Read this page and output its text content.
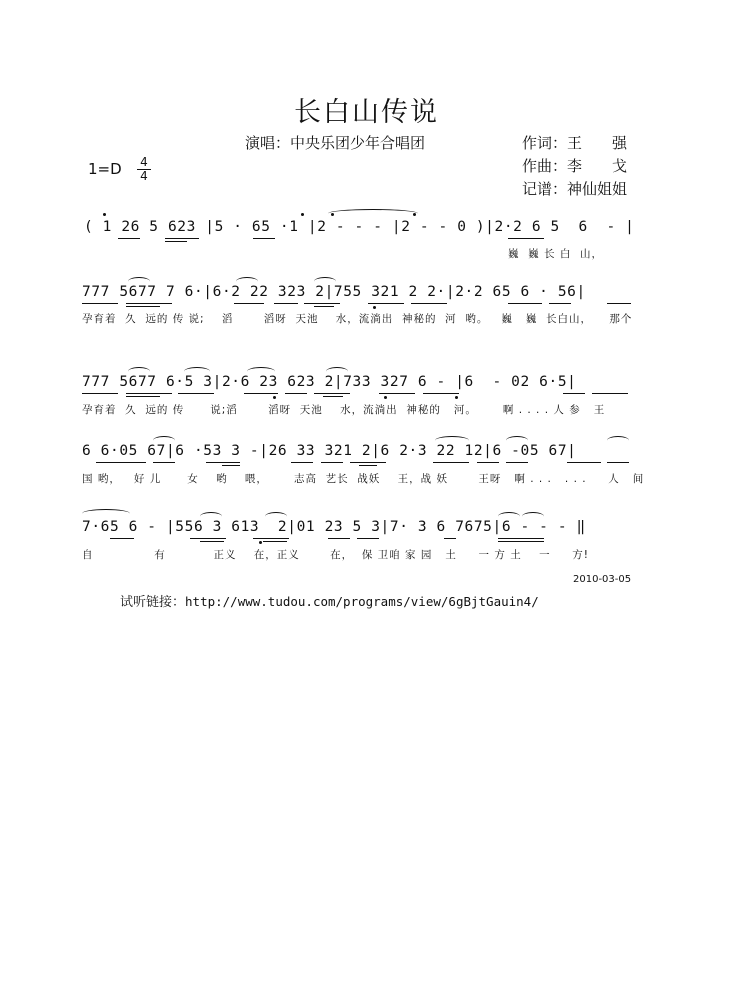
长白山传说
演唱：中央乐团少年合唱团	作词：王　　强
作曲：李　　戈
记谱：神仙姐姐
1=D 4
4
( 1 26 5 623 |5 · 65 ·1 |2 - - - |2 - - 0 )|2·2 6 5  6  - |
巍  巍 长 白  山，
777 5677 7 6·|6·2 22 323 2|755 321 2 2·|2·2 65 6 · 56|
孕育着  久  远的 传 说;    滔       滔呀  天池    水，流淌出  神秘的  河  哟。   巍   巍  长白山，    那个
777 5677 6·5 3|2·6 23 623 2|733 327 6 - |6  - 02 6·5|
孕育着  久  远的 传      说;滔       滔呀  天池    水，流淌出  神秘的   河。      啊 . . . . 人 参   王
6 6·05 67|6 ·53 3 -|26 33 321 2|6 2·3 22 12|6 -05 67|
国 哟，   好 儿      女    哟    喂，      志高  艺长  战妖    王，战 妖       王呀   啊 . . .   . . .     人   间
7·65 6 - |556 3 613  2|01 23 5 3|7· 3 6 7675|6 - - - ‖
自              有           正义    在，正义       在，  保 卫咱 家 园   土     一 方 土    一     方!
2010-03-05
试听链接：http://www.tudou.com/programs/view/6gBjtGauin4/
